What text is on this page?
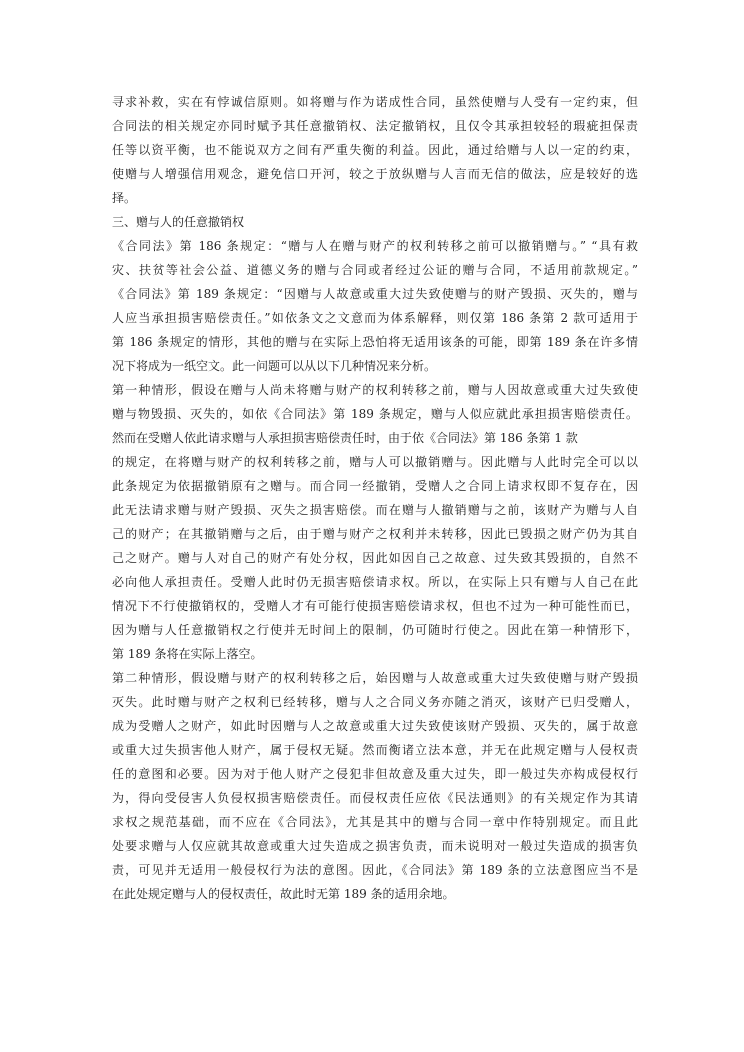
寻求补救，实在有悖诚信原则。如将赠与作为诺成性合同，虽然使赠与人受有一定约束，但
合同法的相关规定亦同时赋予其任意撤销权、法定撤销权，且仅令其承担较轻的瑕疵担保责
任等以资平衡，也不能说双方之间有严重失衡的利益。因此，通过给赠与人以一定的约束，
使赠与人增强信用观念，避免信口开河，较之于放纵赠与人言而无信的做法，应是较好的选
择。
三、赠与人的任意撤销权
《合同法》第 186 条规定：“赠与人在赠与财产的权利转移之前可以撤销赠与。” “具有救
灾、扶贫等社会公益、道德义务的赠与合同或者经过公证的赠与合同，不适用前款规定。”
《合同法》第 189 条规定：“因赠与人故意或重大过失致使赠与的财产毁损、灭失的，赠与
人应当承担损害赔偿责任。”如依条文之文意而为体系解释，则仅第 186 条第 2 款可适用于
第 186 条规定的情形，其他的赠与在实际上恐怕将无适用该条的可能，即第 189 条在许多情
况下将成为一纸空文。此一问题可以从以下几种情况来分析。
第一种情形，假设在赠与人尚未将赠与财产的权利转移之前，赠与人因故意或重大过失致使
赠与物毁损、灭失的，如依《合同法》第 189 条规定，赠与人似应就此承担损害赔偿责任。
然而在受赠人依此请求赠与人承担损害赔偿责任时，由于依《合同法》第 186 条第 1 款
的规定，在将赠与财产的权利转移之前，赠与人可以撤销赠与。因此赠与人此时完全可以以
此条规定为依据撤销原有之赠与。而合同一经撤销，受赠人之合同上请求权即不复存在，因
此无法请求赠与财产毁损、灭失之损害赔偿。而在赠与人撤销赠与之前，该财产为赠与人自
己的财产；在其撤销赠与之后，由于赠与财产之权利并未转移，因此已毁损之财产仍为其自
己之财产。赠与人对自己的财产有处分权，因此如因自己之故意、过失致其毁损的，自然不
必向他人承担责任。受赠人此时仍无损害赔偿请求权。所以，在实际上只有赠与人自己在此
情况下不行使撤销权的，受赠人才有可能行使损害赔偿请求权，但也不过为一种可能性而已，
因为赠与人任意撤销权之行使并无时间上的限制，仍可随时行使之。因此在第一种情形下，
第 189 条将在实际上落空。
第二种情形，假设赠与财产的权利转移之后，始因赠与人故意或重大过失致使赠与财产毁损
灭失。此时赠与财产之权利已经转移，赠与人之合同义务亦随之消灭，该财产已归受赠人，
成为受赠人之财产，如此时因赠与人之故意或重大过失致使该财产毁损、灭失的，属于故意
或重大过失损害他人财产，属于侵权无疑。然而衡诸立法本意，并无在此规定赠与人侵权责
任的意图和必要。因为对于他人财产之侵犯非但故意及重大过失，即一般过失亦构成侵权行
为，得向受侵害人负侵权损害赔偿责任。而侵权责任应依《民法通则》的有关规定作为其请
求权之规范基础，而不应在《合同法》，尤其是其中的赠与合同一章中作特别规定。而且此
处要求赠与人仅应就其故意或重大过失造成之损害负责，而未说明对一般过失造成的损害负
责，可见并无适用一般侵权行为法的意图。因此，《合同法》第 189 条的立法意图应当不是
在此处规定赠与人的侵权责任，故此时无第 189 条的适用余地。
